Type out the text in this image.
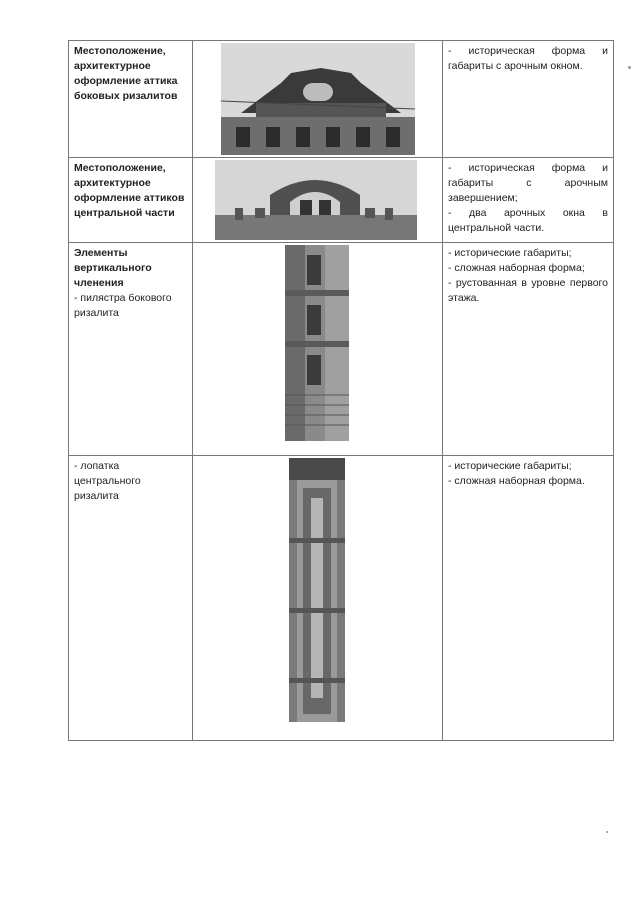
Местоположение, архитектурное оформление аттика боковых ризалитов		- историческая форма и габариты с арочным окном.

Местоположение, архитектурное оформление аттиков центральной части		- историческая форма и габариты с арочным завершением;
- два арочных окна в центральной части.

Элементы вертикального членения
- пилястра бокового ризалита		- исторические габариты;
- сложная наборная форма;
- рустованная в уровне первого этажа.

- лопатка центрального ризалита		- исторические габариты;
- сложная наборная форма.
